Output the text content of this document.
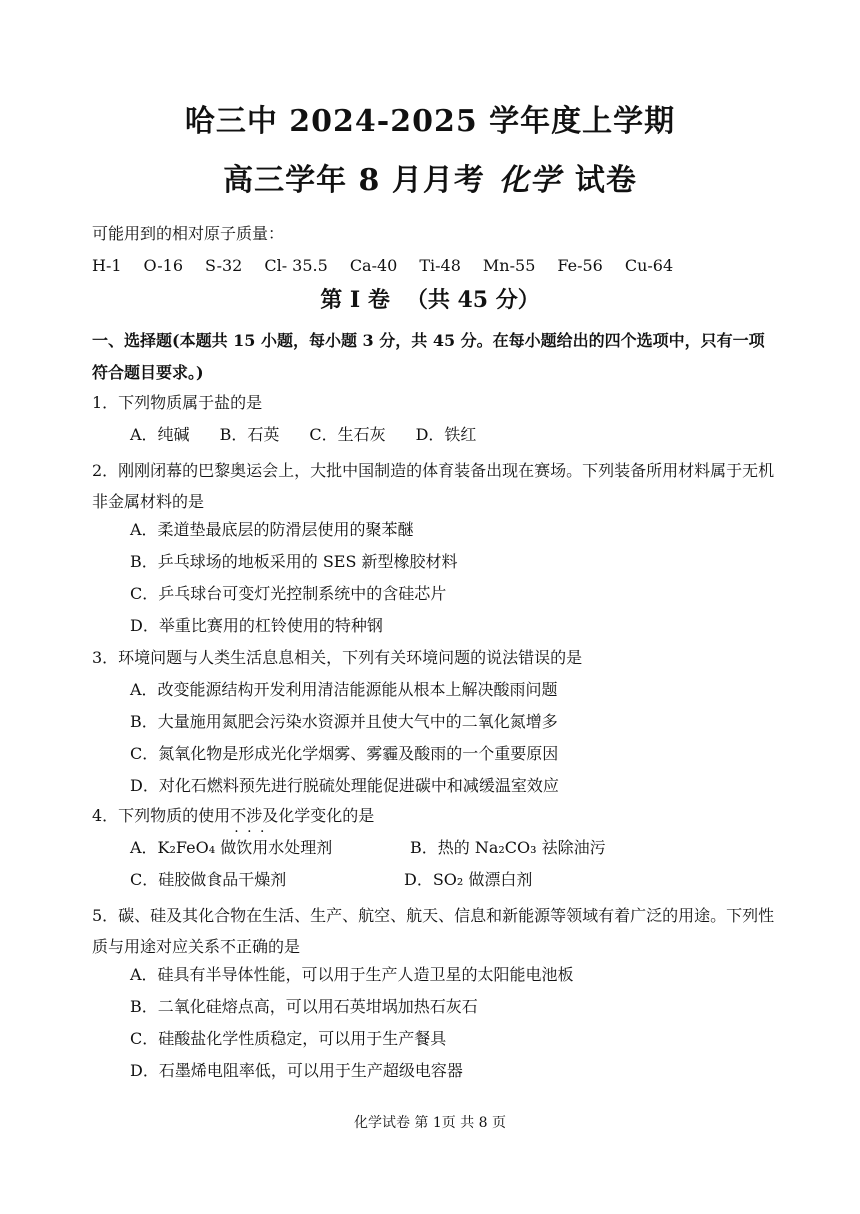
哈三中 2024-2025 学年度上学期
高三学年 8 月月考 化学 试卷
可能用到的相对原子质量：H-1 O-16 S-32 Cl- 35.5 Ca-40 Ti-48 Mn-55 Fe-56 Cu-64
第 I 卷 （共 45 分）
一、选择题(本题共 15 小题，每小题 3 分，共 45 分。在每小题给出的四个选项中，只有一项符合题目要求。)
1．下列物质属于盐的是
A．纯碱 B．石英 C．生石灰 D．铁红
2．刚刚闭幕的巴黎奥运会上，大批中国制造的体育装备出现在赛场。下列装备所用材料属于无机非金属材料的是
A．柔道垫最底层的防滑层使用的聚苯醚
B．乒乓球场的地板采用的 SES 新型橡胶材料
C．乒乓球台可变灯光控制系统中的含硅芯片
D．举重比赛用的杠铃使用的特种钢
3．环境问题与人类生活息息相关，下列有关环境问题的说法错误的是
A．改变能源结构开发利用清洁能源能从根本上解决酸雨问题
B．大量施用氮肥会污染水资源并且使大气中的二氧化氮增多
C．氮氧化物是形成光化学烟雾、雾霾及酸雨的一个重要原因
D．对化石燃料预先进行脱硫处理能促进碳中和减缓温室效应
4．下列物质的使用不涉及 · · ·化学变化的是
A．K₂FeO₄ 做饮用水处理剂	B．热的 Na₂CO₃ 祛除油污
C．硅胶做食品干燥剂	D．SO₂ 做漂白剂
5．碳、硅及其化合物在生活、生产、航空、航天、信息和新能源等领域有着广泛的用途。下列性质与用途对应关系不正确的是
A．硅具有半导体性能，可以用于生产人造卫星的太阳能电池板
B．二氧化硅熔点高，可以用石英坩埚加热石灰石
C．硅酸盐化学性质稳定，可以用于生产餐具
D．石墨烯电阻率低，可以用于生产超级电容器
化学试卷 第 1页 共 8 页
